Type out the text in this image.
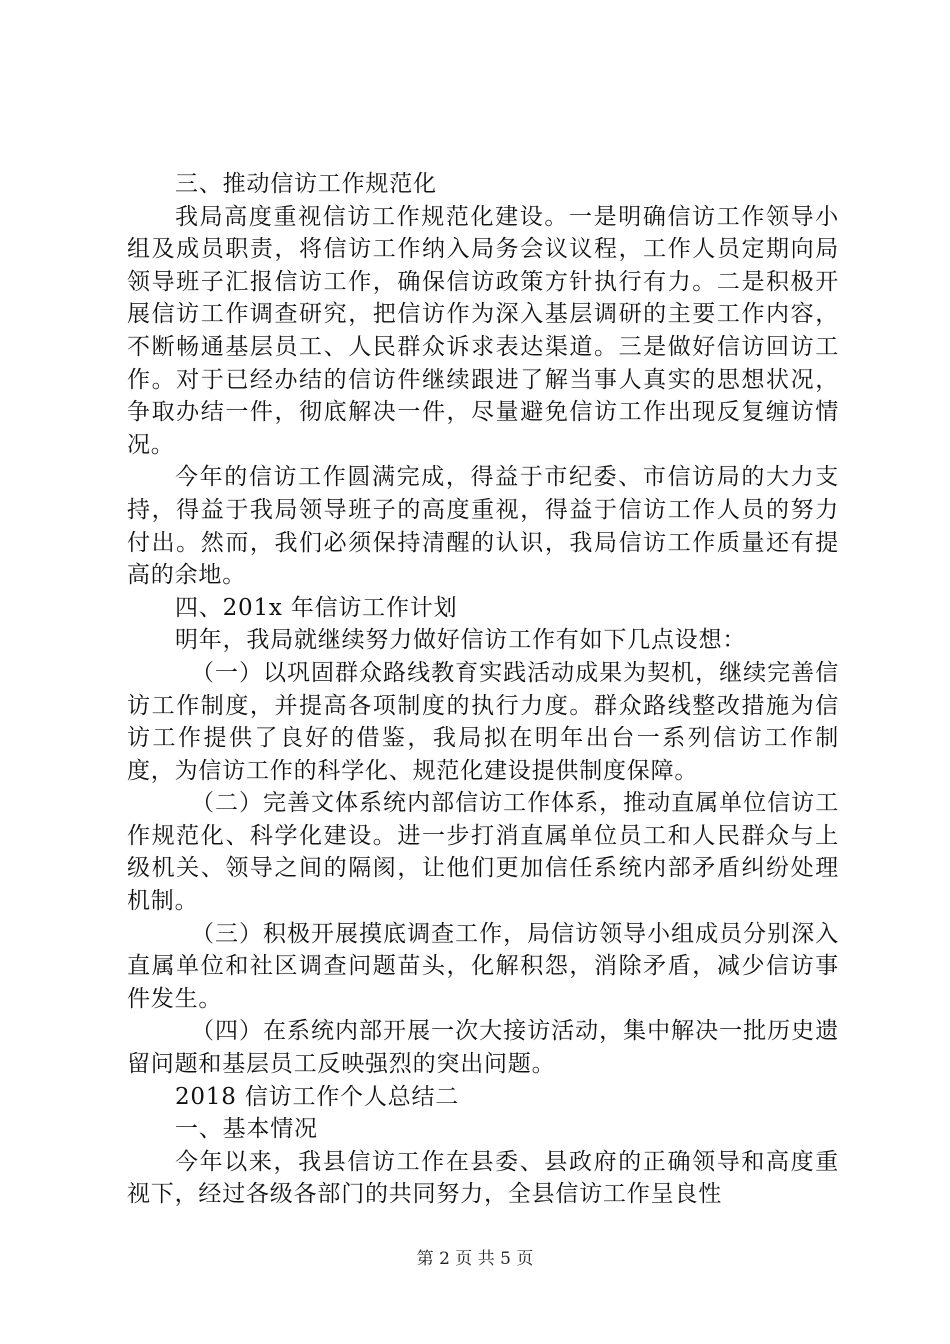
三、推动信访工作规范化

我局高度重视信访工作规范化建设。一是明确信访工作领导小组及成员职责，将信访工作纳入局务会议议程，工作人员定期向局领导班子汇报信访工作，确保信访政策方针执行有力。二是积极开展信访工作调查研究，把信访作为深入基层调研的主要工作内容，不断畅通基层员工、人民群众诉求表达渠道。三是做好信访回访工作。对于已经办结的信访件继续跟进了解当事人真实的思想状况，争取办结一件，彻底解决一件，尽量避免信访工作出现反复缠访情况。

今年的信访工作圆满完成，得益于市纪委、市信访局的大力支持，得益于我局领导班子的高度重视，得益于信访工作人员的努力付出。然而，我们必须保持清醒的认识，我局信访工作质量还有提高的余地。

四、201x 年信访工作计划

明年，我局就继续努力做好信访工作有如下几点设想：

（一）以巩固群众路线教育实践活动成果为契机，继续完善信访工作制度，并提高各项制度的执行力度。群众路线整改措施为信访工作提供了良好的借鉴，我局拟在明年出台一系列信访工作制度，为信访工作的科学化、规范化建设提供制度保障。

（二）完善文体系统内部信访工作体系，推动直属单位信访工作规范化、科学化建设。进一步打消直属单位员工和人民群众与上级机关、领导之间的隔阂，让他们更加信任系统内部矛盾纠纷处理机制。

（三）积极开展摸底调查工作，局信访领导小组成员分别深入直属单位和社区调查问题苗头，化解积怨，消除矛盾，减少信访事件发生。

（四）在系统内部开展一次大接访活动，集中解决一批历史遗留问题和基层员工反映强烈的突出问题。

2018 信访工作个人总结二

一、基本情况

今年以来，我县信访工作在县委、县政府的正确领导和高度重视下，经过各级各部门的共同努力，全县信访工作呈良性

第 2 页 共 5 页
